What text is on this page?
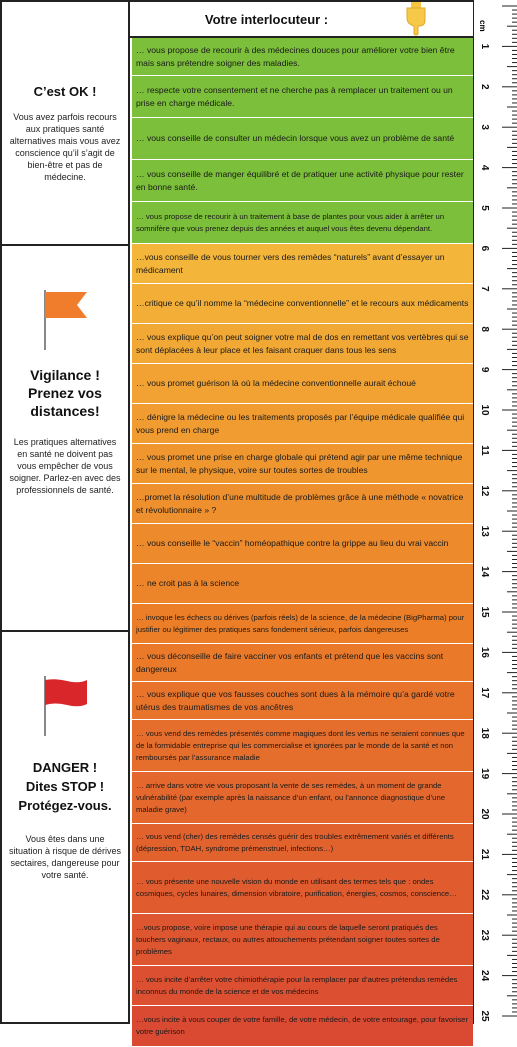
C’est OK !
Vous avez parfois recours aux pratiques santé alternatives mais vous avez conscience qu’il s’agit de bien-être et pas de médecine.
Vigilance !
Prenez vos
distances!
Les pratiques alternatives en santé ne doivent pas vous empêcher de vous soigner. Parlez-en avec des professionnels de santé.
DANGER !
Dites STOP !
Protégez-vous.
Vous êtes dans une situation à risque de dérives sectaires, dangereuse pour votre santé.
Votre interlocuteur :
… vous propose de recourir à des médecines douces pour améliorer votre bien être mais sans prétendre soigner des maladies.
… respecte votre consentement et ne cherche pas à remplacer un traitement ou un prise en charge médicale.
… vous conseille de consulter un médecin lorsque vous avez un problème de santé
… vous conseille de manger équilibré et de pratiquer une activité physique pour rester en bonne santé.
… vous propose de recourir à un traitement à base de plantes pour vous aider à arrêter un somnifère que vous prenez depuis des années et auquel vous êtes devenu dépendant.
…vous conseille de vous tourner vers des remèdes “naturels” avant d’essayer un médicament
…critique ce qu’il nomme la “médecine conventionnelle” et le recours aux médicaments
… vous explique qu’on peut soigner votre mal de dos en remettant vos vertèbres qui se sont déplacées à leur place et les faisant craquer dans tous les sens
… vous promet guérison là où la médecine conventionnelle aurait échoué
… dénigre la médecine ou les traitements proposés par l’équipe médicale qualifiée qui vous prend en charge
… vous promet une prise en charge globale qui prétend agir par une même technique sur le mental, le physique, voire sur toutes sortes de troubles
…promet la résolution d’une multitude de problèmes grâce à une méthode « novatrice et révolutionnaire » ?
… vous conseille le “vaccin” homéopathique contre la grippe au lieu du vrai vaccin
… ne croit pas à la science
… invoque les échecs ou dérives (parfois réels) de la science, de la médecine (BigPharma) pour justifier ou légitimer des pratiques sans fondement sérieux, parfois dangereuses
… vous déconseille de faire vacciner vos enfants et prétend que les vaccins sont dangereux
… vous explique que vos fausses couches sont dues à la mémoire qu’a gardé votre utérus des traumatismes de vos ancêtres
… vous vend des remèdes présentés comme magiques dont les vertus ne seraient connues que de la formidable entreprise qui les commercialise et ignorées par le monde de la santé et non remboursés par l’assurance maladie
… arrive dans votre vie vous proposant la vente de ses remèdes, à un moment de grande vulnérabilité (par exemple après la naissance d’un enfant, ou l’annonce diagnostique d’une maladie grave)
… vous vend (cher) des remèdes censés guérir des troubles extrêmement variés et différents (dépression, TDAH, syndrome prémenstruel, infections…)
… vous présente une nouvelle vision du monde en utilisant des termes tels que : ondes cosmiques, cycles lunaires, dimension vibratoire, purification, énergies, cosmos, conscience…
…vous propose, voire impose une thérapie qui au cours de laquelle seront pratiqués des touchers vaginaux, rectaux, ou autres attouchements prétendant soigner toutes sortes de problèmes
… vous incite d’arrêter votre chimiothérapie pour la remplacer par d’autres prétendus remèdes inconnus du monde de la science et de vos médecins
…vous incite à vous couper de votre famille, de votre médecin, de votre entourage, pour favoriser votre guérison
cm
1
2
3
4
5
6
7
8
9
10
11
12
13
14
15
16
17
18
19
20
21
22
23
24
25
